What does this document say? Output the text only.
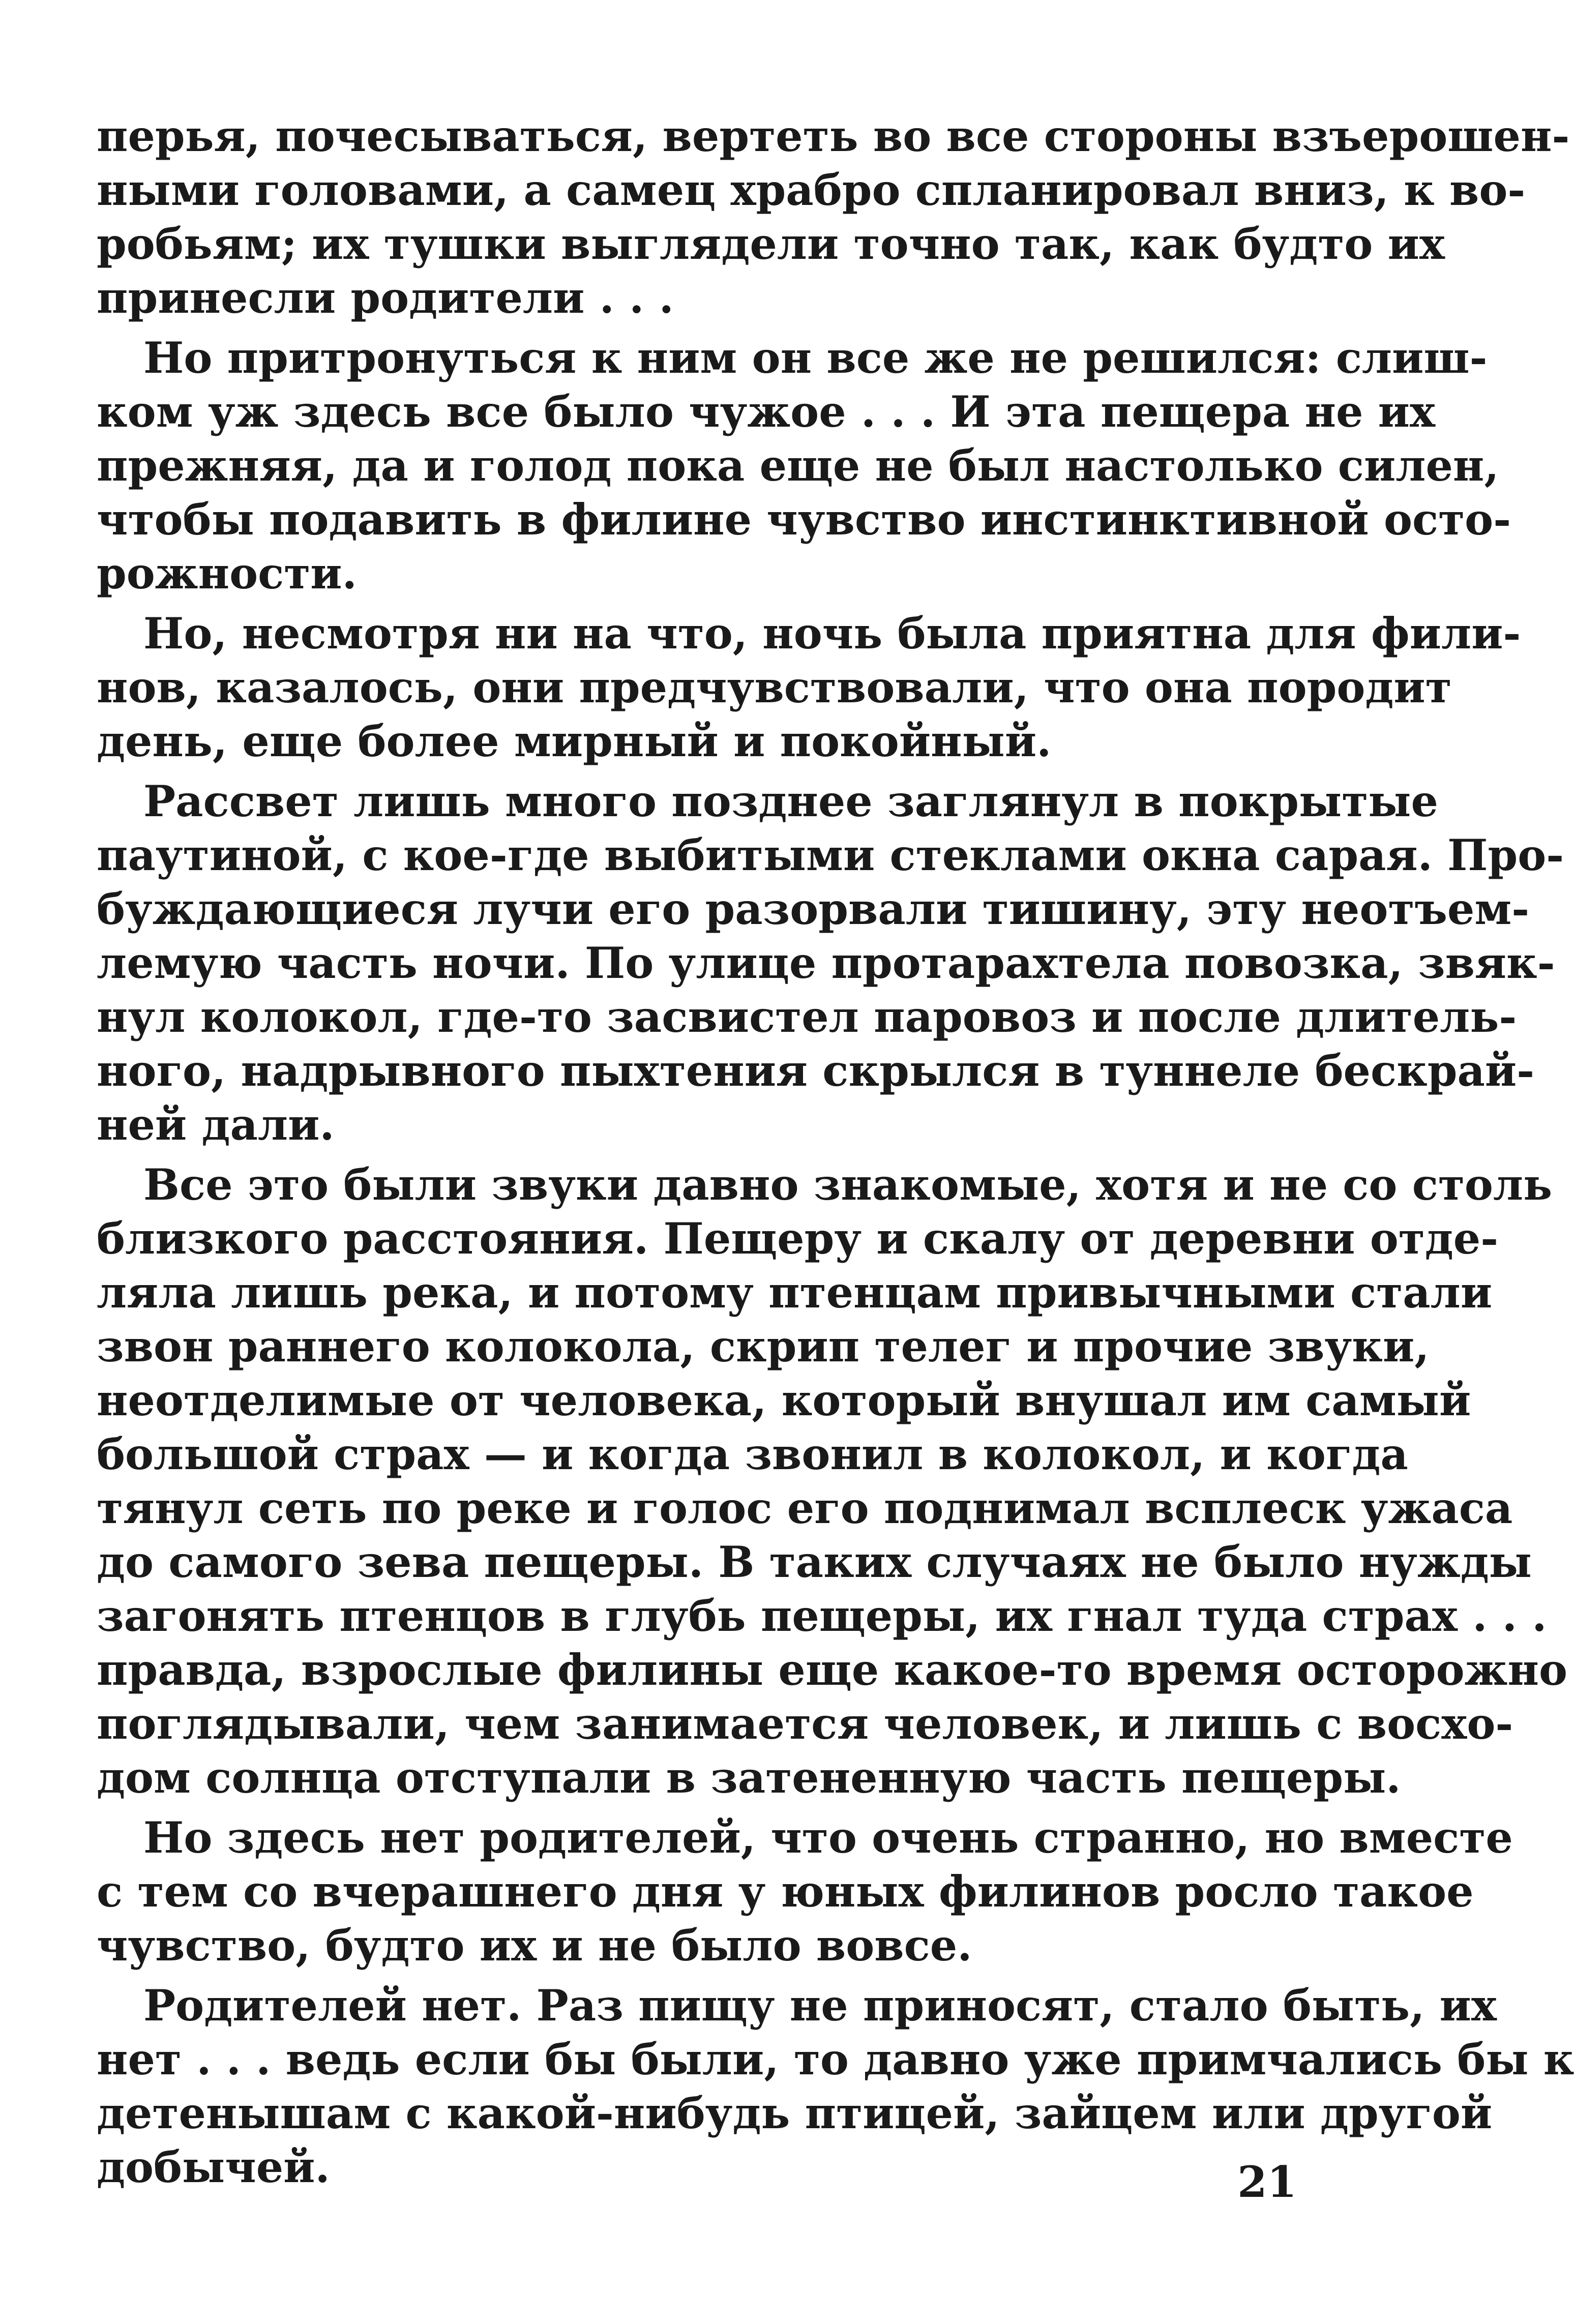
перья, почесываться, вертеть во все стороны взъерошен-
ными головами, а самец храбро спланировал вниз, к во-
робьям; их тушки выглядели точно так, как будто их
принесли родители . . .
Но притронуться к ним он все же не решился: слиш-
ком уж здесь все было чужое . . . И эта пещера не их
прежняя, да и голод пока еще не был настолько силен,
чтобы подавить в филине чувство инстинктивной осто-
рожности.
Но, несмотря ни на что, ночь была приятна для фили-
нов, казалось, они предчувствовали, что она породит
день, еще более мирный и покойный.
Рассвет лишь много позднее заглянул в покрытые
паутиной, с кое-где выбитыми стеклами окна сарая. Про-
буждающиеся лучи его разорвали тишину, эту неотъем-
лемую часть ночи. По улице протарахтела повозка, звяк-
нул колокол, где-то засвистел паровоз и после длитель-
ного, надрывного пыхтения скрылся в туннеле бескрай-
ней дали.
Все это были звуки давно знакомые, хотя и не со столь
близкого расстояния. Пещеру и скалу от деревни отде-
ляла лишь река, и потому птенцам привычными стали
звон раннего колокола, скрип телег и прочие звуки,
неотделимые от человека, который внушал им самый
большой страх — и когда звонил в колокол, и когда
тянул сеть по реке и голос его поднимал всплеск ужаса
до самого зева пещеры. В таких случаях не было нужды
загонять птенцов в глубь пещеры, их гнал туда страх . . .
правда, взрослые филины еще какое-то время осторожно
поглядывали, чем занимается человек, и лишь с восхо-
дом солнца отступали в затененную часть пещеры.
Но здесь нет родителей, что очень странно, но вместе
с тем со вчерашнего дня у юных филинов росло такое
чувство, будто их и не было вовсе.
Родителей нет. Раз пищу не приносят, стало быть, их
нет . . . ведь если бы были, то давно уже примчались бы к
детенышам с какой-нибудь птицей, зайцем или другой
добычей.	21
